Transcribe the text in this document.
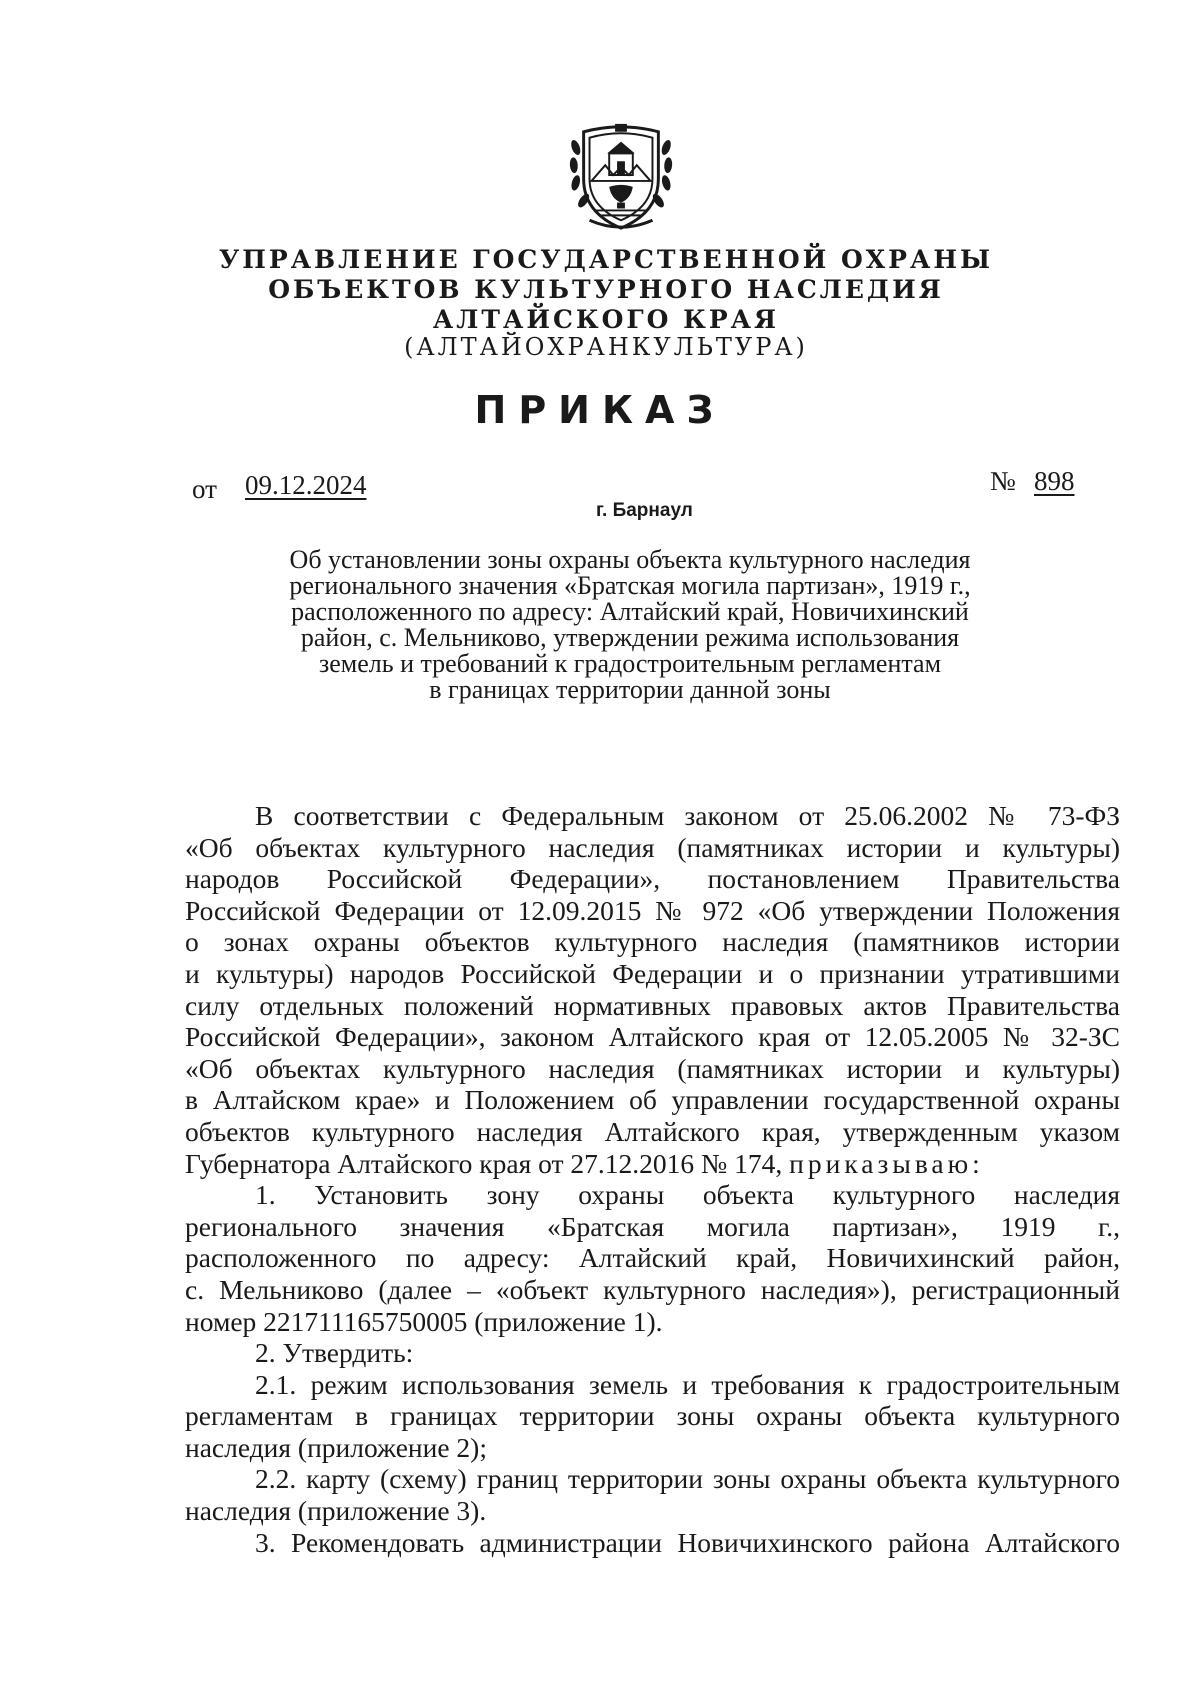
УПРАВЛЕНИЕ ГОСУДАРСТВЕННОЙ ОХРАНЫ
ОБЪЕКТОВ КУЛЬТУРНОГО НАСЛЕДИЯ
АЛТАЙСКОГО КРАЯ
(АЛТАЙОХРАНКУЛЬТУРА)
ПРИКАЗ
от 09.12.2024	№ 898
г. Барнаул
Об установлении зоны охраны объекта культурного наследия
регионального значения «Братская могила партизан», 1919 г.,
расположенного по адресу: Алтайский край, Новичихинский
район, с. Мельниково, утверждении режима использования
земель и требований к градостроительным регламентам
в границах территории данной зоны
В соответствии с Федеральным законом от 25.06.2002 № 73-ФЗ
«Об объектах культурного наследия (памятниках истории и культуры)
народов Российской Федерации», постановлением Правительства
Российской Федерации от 12.09.2015 № 972 «Об утверждении Положения
о зонах охраны объектов культурного наследия (памятников истории
и культуры) народов Российской Федерации и о признании утратившими
силу отдельных положений нормативных правовых актов Правительства
Российской Федерации», законом Алтайского края от 12.05.2005 № 32-ЗС
«Об объектах культурного наследия (памятниках истории и культуры)
в Алтайском крае» и Положением об управлении государственной охраны
объектов культурного наследия Алтайского края, утвержденным указом
Губернатора Алтайского края от 27.12.2016 № 174, приказываю:
1. Установить зону охраны объекта культурного наследия
регионального значения «Братская могила партизан», 1919 г.,
расположенного по адресу: Алтайский край, Новичихинский район,
с. Мельниково (далее – «объект культурного наследия»), регистрационный
номер 221711165750005 (приложение 1).
2. Утвердить:
2.1. режим использования земель и требования к градостроительным
регламентам в границах территории зоны охраны объекта культурного
наследия (приложение 2);
2.2. карту (схему) границ территории зоны охраны объекта культурного
наследия (приложение 3).
3. Рекомендовать администрации Новичихинского района Алтайского
